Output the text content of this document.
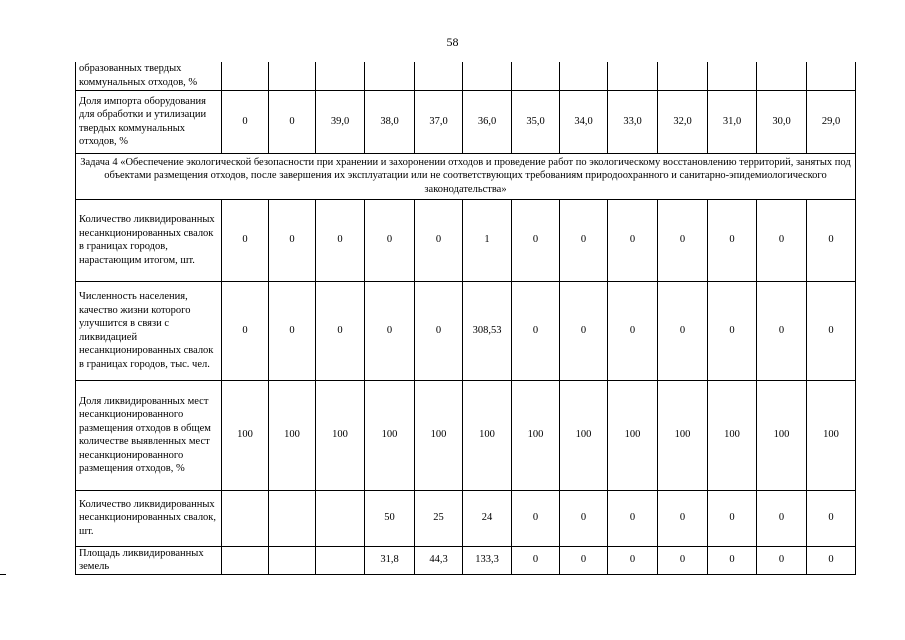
58
образованных твердых коммунальных отходов, %													
Доля импорта оборудования для обработки и утилизации твердых коммунальных отходов, %	0	0	39,0	38,0	37,0	36,0	35,0	34,0	33,0	32,0	31,0	30,0	29,0
Задача 4 «Обеспечение экологической безопасности при хранении и захоронении отходов и проведение работ по экологическому восстановлению территорий, занятых под объектами размещения отходов, после завершения их эксплуатации или не соответствующих требованиям природоохранного и санитарно-эпидемиологического законодательства»													
Количество ликвидированных несанкционированных свалок в границах городов, нарастающим итогом, шт.	0	0	0	0	0	1	0	0	0	0	0	0	0
Численность населения, качество жизни которого улучшится в связи с ликвидацией несанкционированных свалок в границах городов, тыс. чел.	0	0	0	0	0	308,53	0	0	0	0	0	0	0
Доля ликвидированных мест несанкционированного размещения отходов в общем количестве выявленных мест несанкционированного размещения отходов, %	100	100	100	100	100	100	100	100	100	100	100	100	100
Количество ликвидированных несанкционированных свалок, шт.				50	25	24	0	0	0	0	0	0	0
Площадь ликвидированных земель				31,8	44,3	133,3	0	0	0	0	0	0	0
